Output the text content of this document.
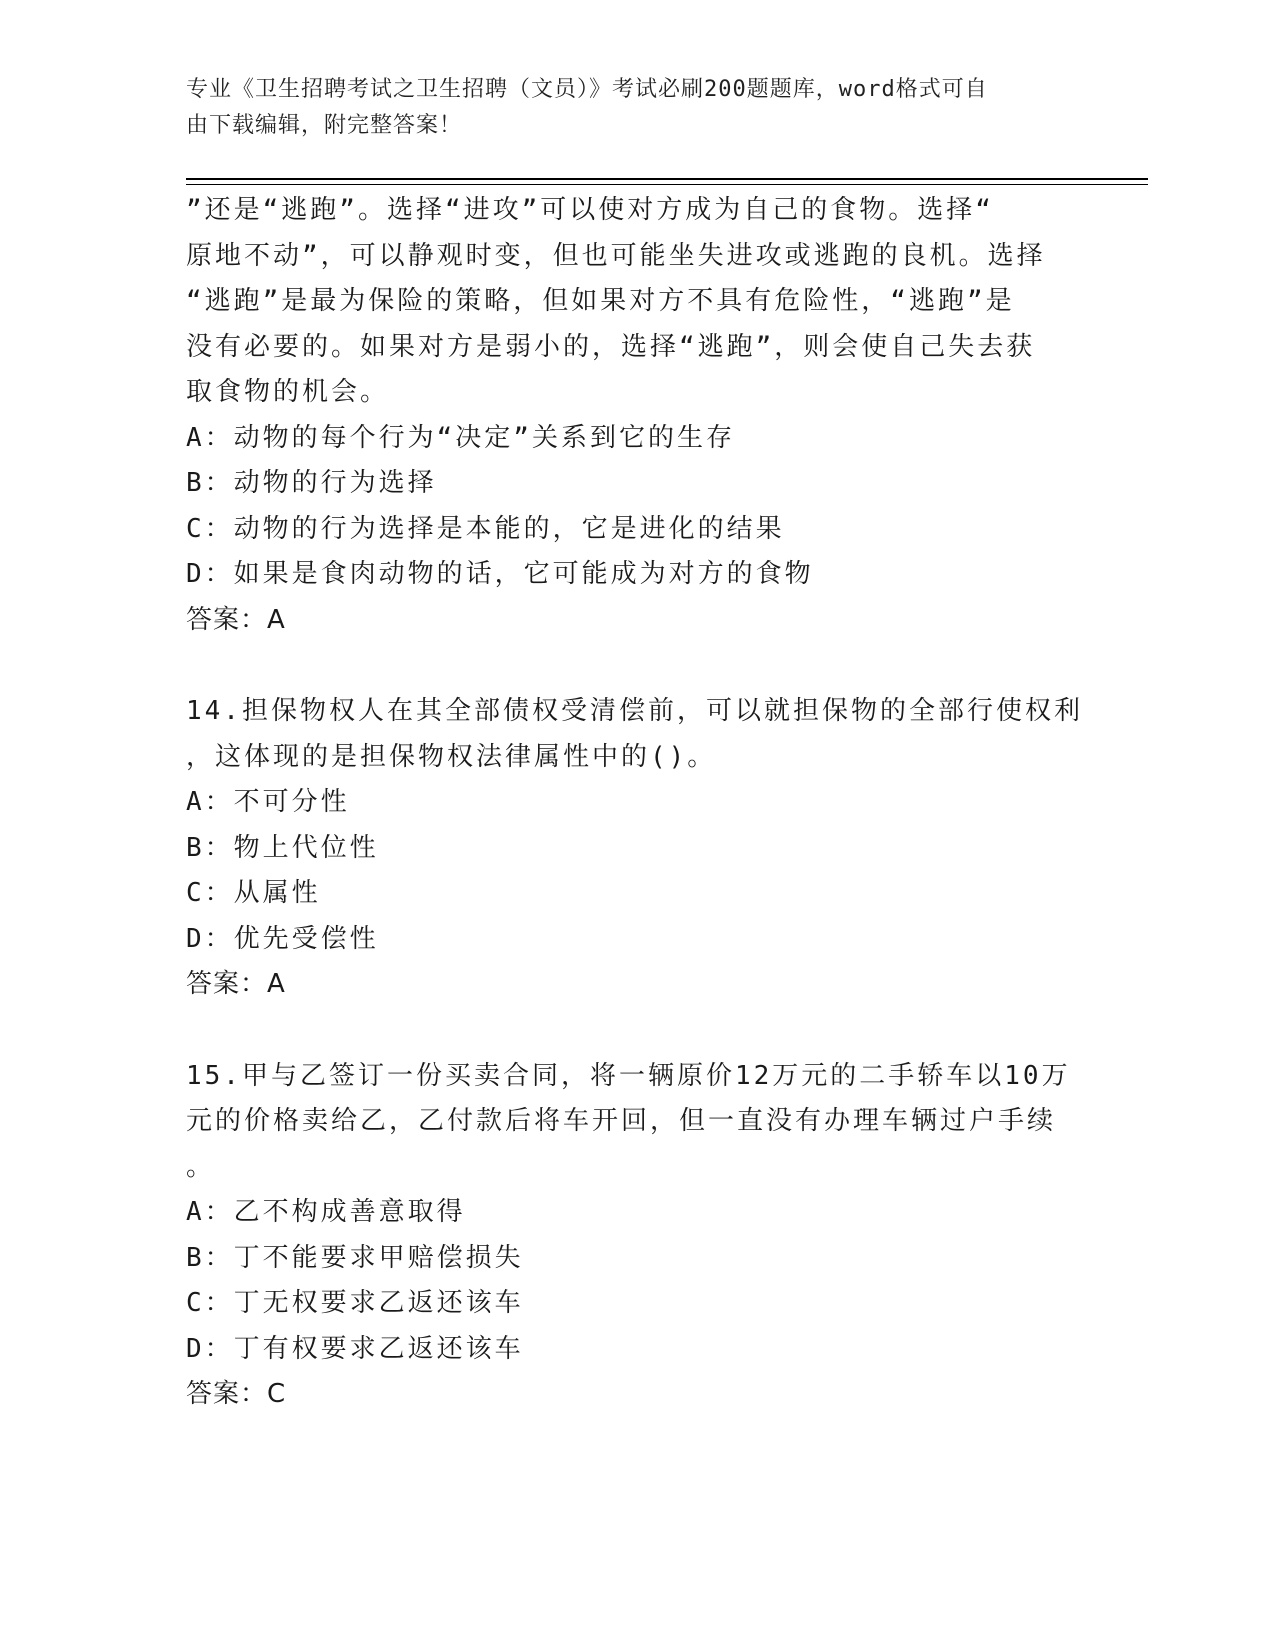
专业《卫生招聘考试之卫生招聘（文员）》考试必刷200题题库，word格式可自
由下载编辑，附完整答案！
”还是“逃跑”。选择“进攻”可以使对方成为自己的食物。选择“
原地不动”，可以静观时变，但也可能坐失进攻或逃跑的良机。选择
“逃跑”是最为保险的策略，但如果对方不具有危险性，“逃跑”是
没有必要的。如果对方是弱小的，选择“逃跑”，则会使自己失去获
取食物的机会。
A：动物的每个行为“决定”关系到它的生存
B：动物的行为选择
C：动物的行为选择是本能的，它是进化的结果
D：如果是食肉动物的话，它可能成为对方的食物
答案：A
14.担保物权人在其全部债权受清偿前，可以就担保物的全部行使权利
，这体现的是担保物权法律属性中的()。
A：不可分性
B：物上代位性
C：从属性
D：优先受偿性
答案：A
15.甲与乙签订一份买卖合同，将一辆原价12万元的二手轿车以10万
元的价格卖给乙，乙付款后将车开回，但一直没有办理车辆过户手续
。
A：乙不构成善意取得
B：丁不能要求甲赔偿损失
C：丁无权要求乙返还该车
D：丁有权要求乙返还该车
答案：C
